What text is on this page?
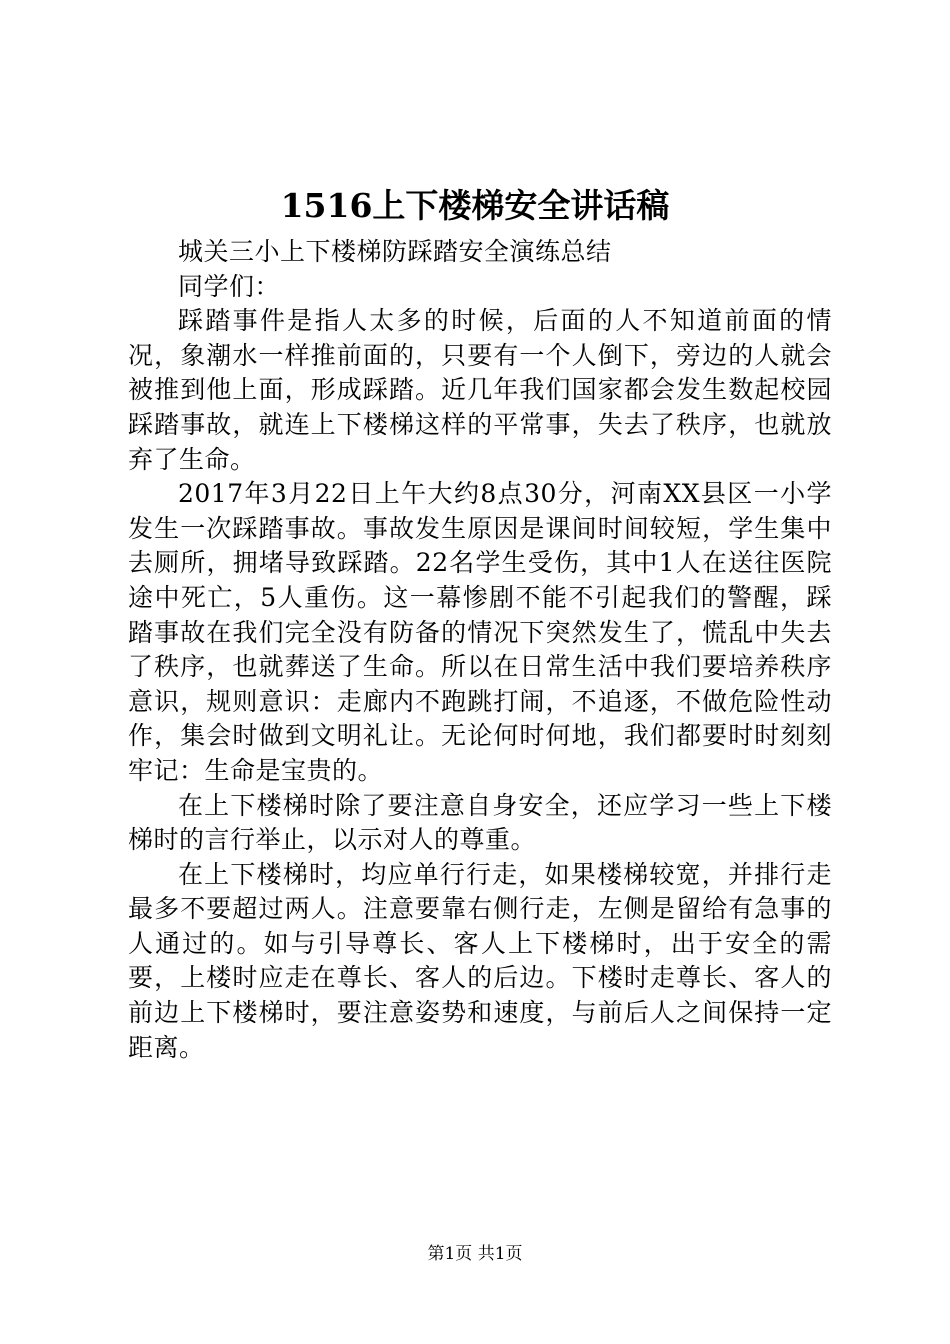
1516上下楼梯安全讲话稿

城关三小上下楼梯防踩踏安全演练总结

同学们：

踩踏事件是指人太多的时候，后面的人不知道前面的情况，象潮水一样推前面的，只要有一个人倒下，旁边的人就会被推到他上面，形成踩踏。近几年我们国家都会发生数起校园踩踏事故，就连上下楼梯这样的平常事，失去了秩序，也就放弃了生命。

2017年3月22日上午大约8点30分，河南XX县区一小学发生一次踩踏事故。事故发生原因是课间时间较短，学生集中去厕所，拥堵导致踩踏。22名学生受伤，其中1人在送往医院途中死亡，5人重伤。这一幕惨剧不能不引起我们的警醒，踩踏事故在我们完全没有防备的情况下突然发生了，慌乱中失去了秩序，也就葬送了生命。所以在日常生活中我们要培养秩序意识，规则意识：走廊内不跑跳打闹，不追逐，不做危险性动作，集会时做到文明礼让。无论何时何地，我们都要时时刻刻牢记：生命是宝贵的。

在上下楼梯时除了要注意自身安全，还应学习一些上下楼梯时的言行举止，以示对人的尊重。

在上下楼梯时，均应单行行走，如果楼梯较宽，并排行走最多不要超过两人。注意要靠右侧行走，左侧是留给有急事的人通过的。如与引导尊长、客人上下楼梯时，出于安全的需要，上楼时应走在尊长、客人的后边。下楼时走尊长、客人的前边上下楼梯时，要注意姿势和速度，与前后人之间保持一定距离。

第1页 共1页
